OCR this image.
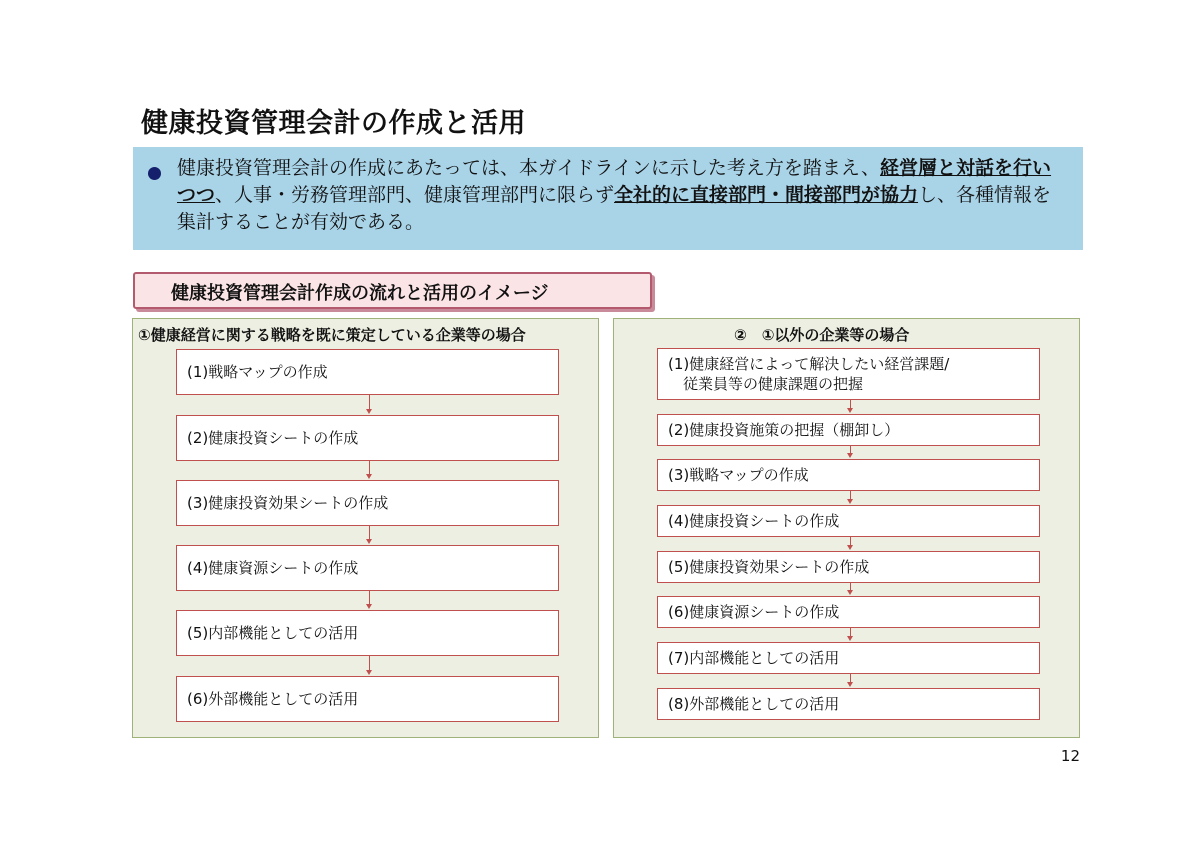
健康投資管理会計の作成と活用
健康投資管理会計の作成にあたっては、本ガイドラインに示した考え方を踏まえ、経営層と対話を行いつつ、人事・労務管理部門、健康管理部門に限らず全社的に直接部門・間接部門が協力し、各種情報を集計することが有効である。
健康投資管理会計作成の流れと活用のイメージ
①健康経営に関する戦略を既に策定している企業等の場合
(1)戦略マップの作成
(2)健康投資シートの作成
(3)健康投資効果シートの作成
(4)健康資源シートの作成
(5)内部機能としての活用
(6)外部機能としての活用
②　①以外の企業等の場合
(1)健康経営によって解決したい経営課題/
　従業員等の健康課題の把握
(2)健康投資施策の把握（棚卸し）
(3)戦略マップの作成
(4)健康投資シートの作成
(5)健康投資効果シートの作成
(6)健康資源シートの作成
(7)内部機能としての活用
(8)外部機能としての活用
12
